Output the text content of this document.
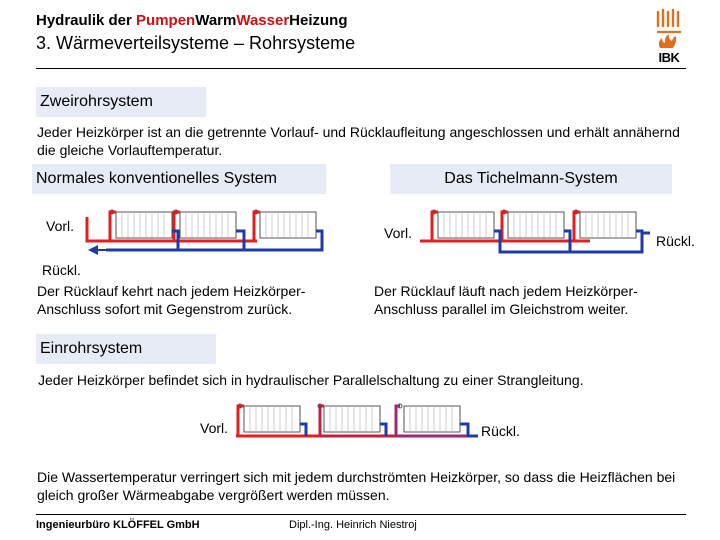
Hydraulik der PumpenWarmWasserHeizung
3. Wärmeverteilsysteme – Rohrsysteme
IBK
Zweirohrsystem
Jeder Heizkörper ist an die getrennte Vorlauf- und Rücklaufleitung angeschlossen und erhält annähernd die gleiche Vorlauftemperatur.
Normales konventionelles System	Das Tichelmann-System
Vorl.
Rückl.
Der Rücklauf kehrt nach jedem Heizkörper-Anschluss sofort mit Gegenstrom zurück.
Vorl.	Rückl.
Der Rücklauf läuft nach jedem Heizkörper-Anschluss parallel im Gleichstrom weiter.
Einrohrsystem
Jeder Heizkörper befindet sich in hydraulischer Parallelschaltung zu einer Strangleitung.
Vorl.	Rückl.
Die Wassertemperatur verringert sich mit jedem durchströmten Heizkörper, so dass die Heizflächen bei gleich großer Wärmeabgabe vergrößert werden müssen.
Ingenieurbüro KLÖFFEL GmbH	Dipl.-Ing. Heinrich Niestroj
